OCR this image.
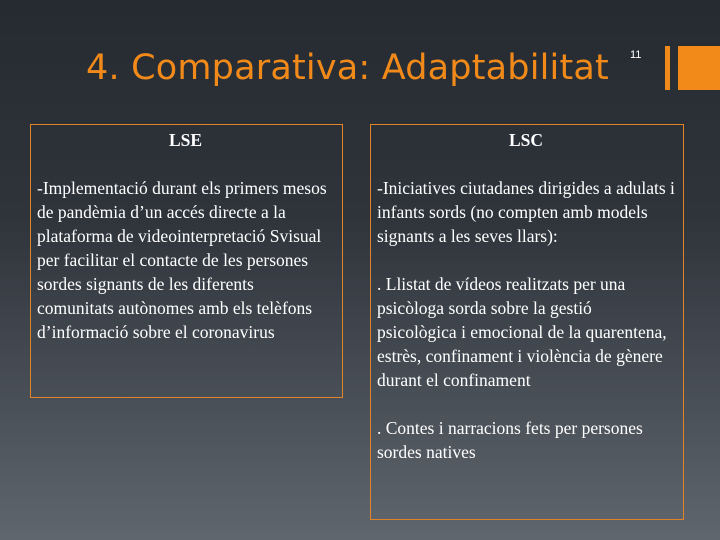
4. Comparativa: Adaptabilitat 11
LSE

-Implementació durant els primers mesos de pandèmia d’un accés directe a la plataforma de videointerpretació Svisual per facilitar el contacte de les persones sordes signants de les diferents comunitats autònomes amb els telèfons d’informació sobre el coronavirus

LSC

-Iniciatives ciutadanes dirigides a adulats i infants sords (no compten amb models signants a les seves llars):

. Llistat de vídeos realitzats per una psicòloga sorda sobre la gestió psicològica i emocional de la quarentena, estrès, confinament i violència de gènere durant el confinament

. Contes i narracions fets per persones sordes natives
